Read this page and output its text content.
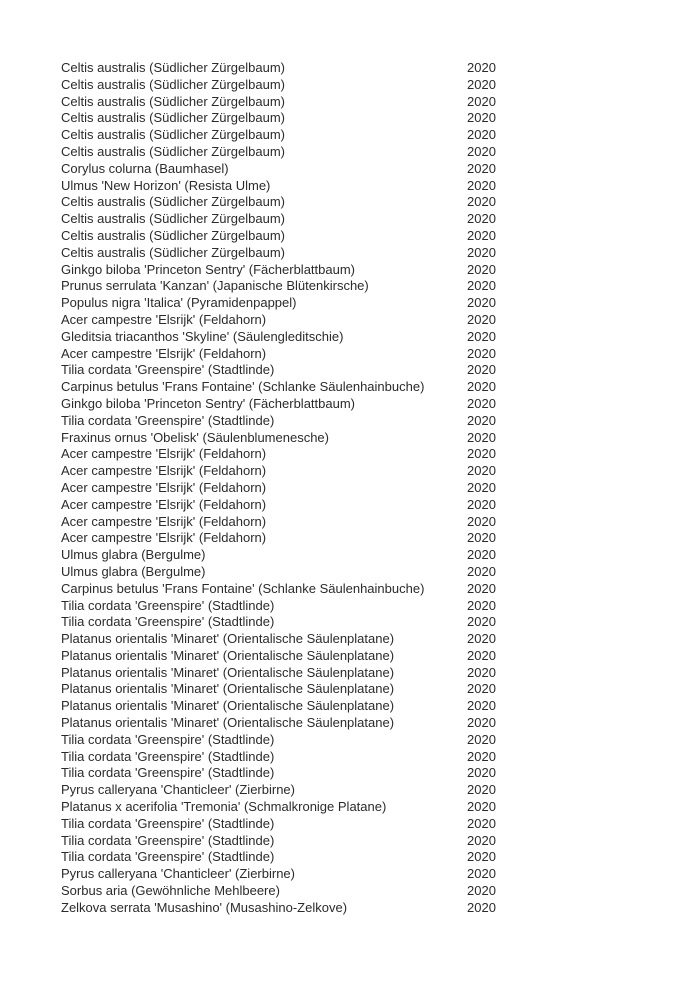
Celtis australis (Südlicher Zürgelbaum)	2020
Celtis australis (Südlicher Zürgelbaum)	2020
Celtis australis (Südlicher Zürgelbaum)	2020
Celtis australis (Südlicher Zürgelbaum)	2020
Celtis australis (Südlicher Zürgelbaum)	2020
Celtis australis (Südlicher Zürgelbaum)	2020
Corylus colurna (Baumhasel)	2020
Ulmus 'New Horizon' (Resista Ulme)	2020
Celtis australis (Südlicher Zürgelbaum)	2020
Celtis australis (Südlicher Zürgelbaum)	2020
Celtis australis (Südlicher Zürgelbaum)	2020
Celtis australis (Südlicher Zürgelbaum)	2020
Ginkgo biloba 'Princeton Sentry' (Fächerblattbaum)	2020
Prunus serrulata 'Kanzan' (Japanische Blütenkirsche)	2020
Populus nigra 'Italica' (Pyramidenpappel)	2020
Acer campestre 'Elsrijk' (Feldahorn)	2020
Gleditsia triacanthos 'Skyline' (Säulengleditschie)	2020
Acer campestre 'Elsrijk' (Feldahorn)	2020
Tilia cordata 'Greenspire' (Stadtlinde)	2020
Carpinus betulus 'Frans Fontaine' (Schlanke Säulenhainbuche)	2020
Ginkgo biloba 'Princeton Sentry' (Fächerblattbaum)	2020
Tilia cordata 'Greenspire' (Stadtlinde)	2020
Fraxinus ornus 'Obelisk' (Säulenblumenesche)	2020
Acer campestre 'Elsrijk' (Feldahorn)	2020
Acer campestre 'Elsrijk' (Feldahorn)	2020
Acer campestre 'Elsrijk' (Feldahorn)	2020
Acer campestre 'Elsrijk' (Feldahorn)	2020
Acer campestre 'Elsrijk' (Feldahorn)	2020
Acer campestre 'Elsrijk' (Feldahorn)	2020
Ulmus glabra (Bergulme)	2020
Ulmus glabra (Bergulme)	2020
Carpinus betulus 'Frans Fontaine' (Schlanke Säulenhainbuche)	2020
Tilia cordata 'Greenspire' (Stadtlinde)	2020
Tilia cordata 'Greenspire' (Stadtlinde)	2020
Platanus orientalis 'Minaret' (Orientalische Säulenplatane)	2020
Platanus orientalis 'Minaret' (Orientalische Säulenplatane)	2020
Platanus orientalis 'Minaret' (Orientalische Säulenplatane)	2020
Platanus orientalis 'Minaret' (Orientalische Säulenplatane)	2020
Platanus orientalis 'Minaret' (Orientalische Säulenplatane)	2020
Platanus orientalis 'Minaret' (Orientalische Säulenplatane)	2020
Tilia cordata 'Greenspire' (Stadtlinde)	2020
Tilia cordata 'Greenspire' (Stadtlinde)	2020
Tilia cordata 'Greenspire' (Stadtlinde)	2020
Pyrus calleryana 'Chanticleer' (Zierbirne)	2020
Platanus x acerifolia 'Tremonia' (Schmalkronige Platane)	2020
Tilia cordata 'Greenspire' (Stadtlinde)	2020
Tilia cordata 'Greenspire' (Stadtlinde)	2020
Tilia cordata 'Greenspire' (Stadtlinde)	2020
Pyrus calleryana 'Chanticleer' (Zierbirne)	2020
Sorbus aria (Gewöhnliche Mehlbeere)	2020
Zelkova serrata 'Musashino' (Musashino-Zelkove)	2020
